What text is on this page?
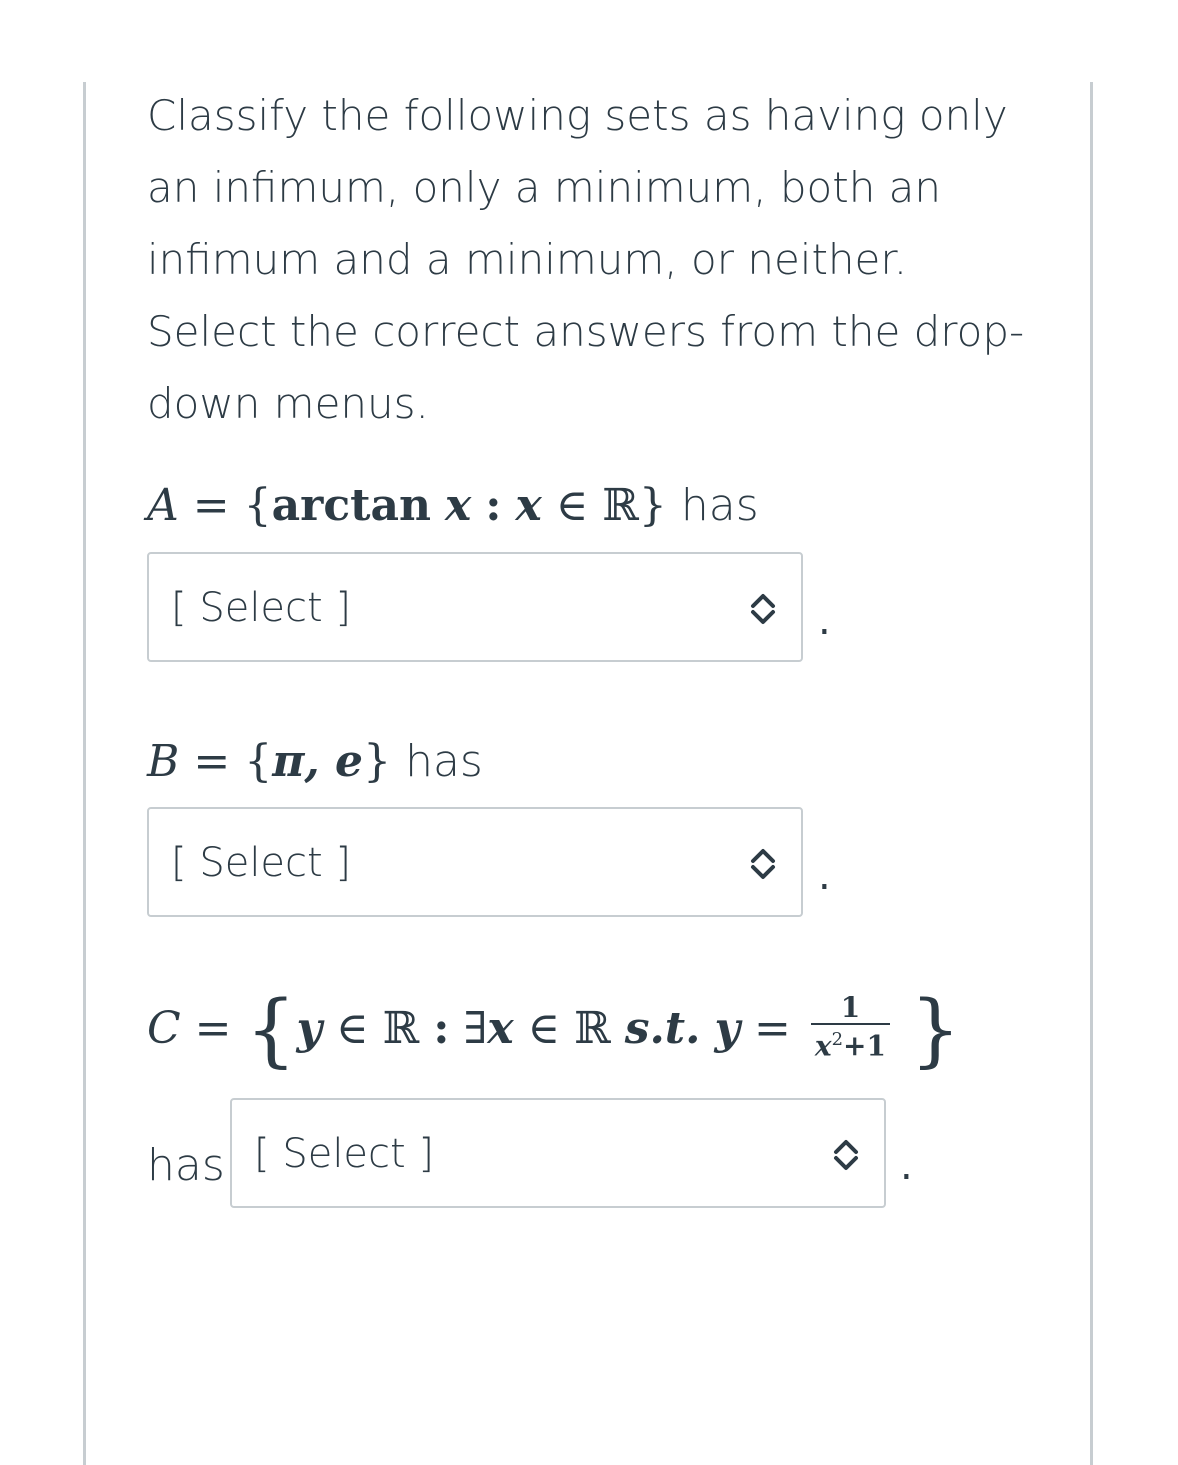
Classify the following sets as having only an infimum, only a minimum, both an infimum and a minimum, or neither. Select the correct answers from the drop-down menus.

A = {arctan x : x ∈ ℝ} has
[ Select ]	.
B = {π, e} has
[ Select ]	.
C = {y ∈ ℝ : ∃x ∈ ℝ s.t. $y = \frac{1}{x^2+1}$ }
has [ Select ]	.
